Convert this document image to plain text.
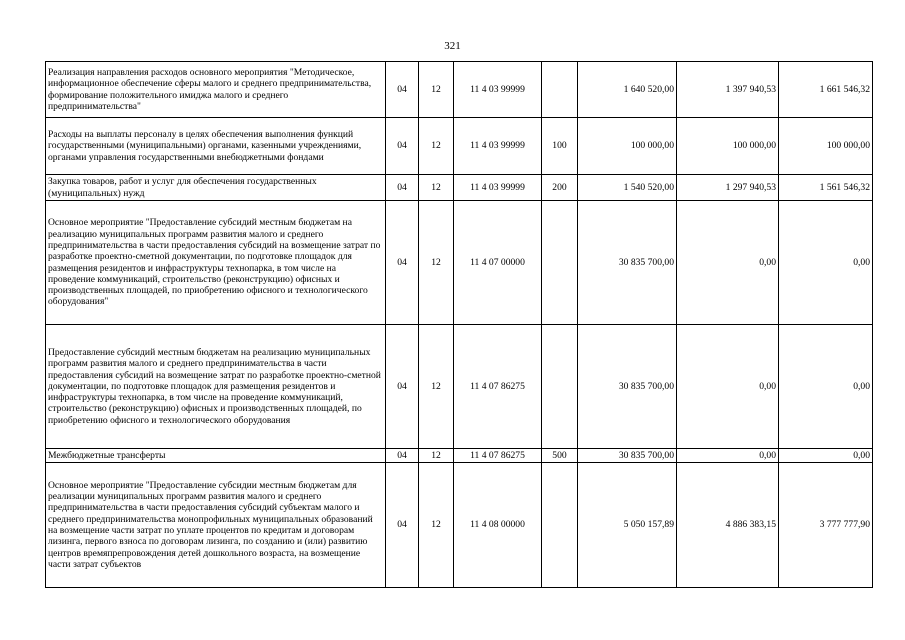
321
Реализация направления расходов основного мероприятия "Методическое, информационное обеспечение сферы малого и среднего предпринимательства, формирование положительного имиджа малого и среднего предпринимательства"	04	12	11 4 03 99999		1 640 520,00	1 397 940,53	1 661 546,32
Расходы на выплаты персоналу в целях обеспечения выполнения функций государственными (муниципальными) органами, казенными учреждениями, органами управления государственными внебюджетными фондами	04	12	11 4 03 99999	100	100 000,00	100 000,00	100 000,00
Закупка товаров, работ и услуг для обеспечения государственных (муниципальных) нужд	04	12	11 4 03 99999	200	1 540 520,00	1 297 940,53	1 561 546,32
Основное мероприятие "Предоставление субсидий местным бюджетам на реализацию муниципальных программ развития малого и среднего предпринимательства в части предоставления субсидий на возмещение затрат по разработке проектно-сметной документации, по подготовке площадок для размещения резидентов и инфраструктуры технопарка, в том числе на проведение коммуникаций, строительство (реконструкцию) офисных и производственных площадей, по приобретению офисного и технологического оборудования"	04	12	11 4 07 00000		30 835 700,00	0,00	0,00
Предоставление субсидий местным бюджетам на реализацию муниципальных программ развития малого и среднего предпринимательства в части предоставления субсидий на возмещение затрат по разработке проектно-сметной документации, по подготовке площадок для размещения резидентов и инфраструктуры технопарка, в том числе на проведение коммуникаций, строительство (реконструкцию) офисных и производственных площадей, по приобретению офисного и технологического оборудования	04	12	11 4 07 86275		30 835 700,00	0,00	0,00
Межбюджетные трансферты	04	12	11 4 07 86275	500	30 835 700,00	0,00	0,00
Основное мероприятие "Предоставление субсидии местным бюджетам для реализации муниципальных программ развития малого и среднего предпринимательства в части предоставления субсидий субъектам малого и среднего предпринимательства монопрофильных муниципальных образований на возмещение части затрат по уплате процентов по кредитам и договорам лизинга, первого взноса по договорам лизинга, по созданию и (или) развитию центров времяпрепровождения детей дошкольного возраста, на возмещение части затрат субъектов	04	12	11 4 08 00000		5 050 157,89	4 886 383,15	3 777 777,90
